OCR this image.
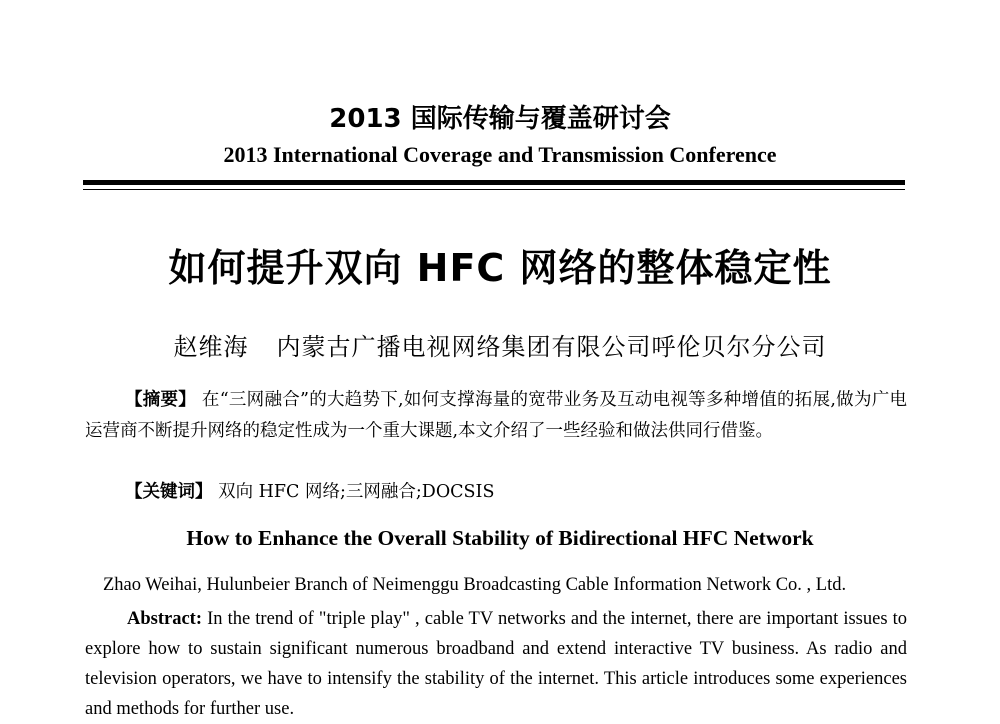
2013 国际传输与覆盖研讨会
2013 International Coverage and Transmission Conference
如何提升双向 HFC 网络的整体稳定性
赵维海 内蒙古广播电视网络集团有限公司呼伦贝尔分公司
【摘要】 在“三网融合”的大趋势下,如何支撑海量的宽带业务及互动电视等多种增值的拓展,做为广电运营商不断提升网络的稳定性成为一个重大课题,本文介绍了一些经验和做法供同行借鉴。
【关键词】 双向 HFC 网络;三网融合;DOCSIS
How to Enhance the Overall Stability of Bidirectional HFC Network
Zhao Weihai, Hulunbeier Branch of Neimenggu Broadcasting Cable Information Network Co. , Ltd.
Abstract: In the trend of "triple play" , cable TV networks and the internet, there are important issues to explore how to sustain significant numerous broadband and extend interactive TV business. As radio and television operators, we have to intensify the stability of the internet. This article introduces some experiences and methods for further use.
